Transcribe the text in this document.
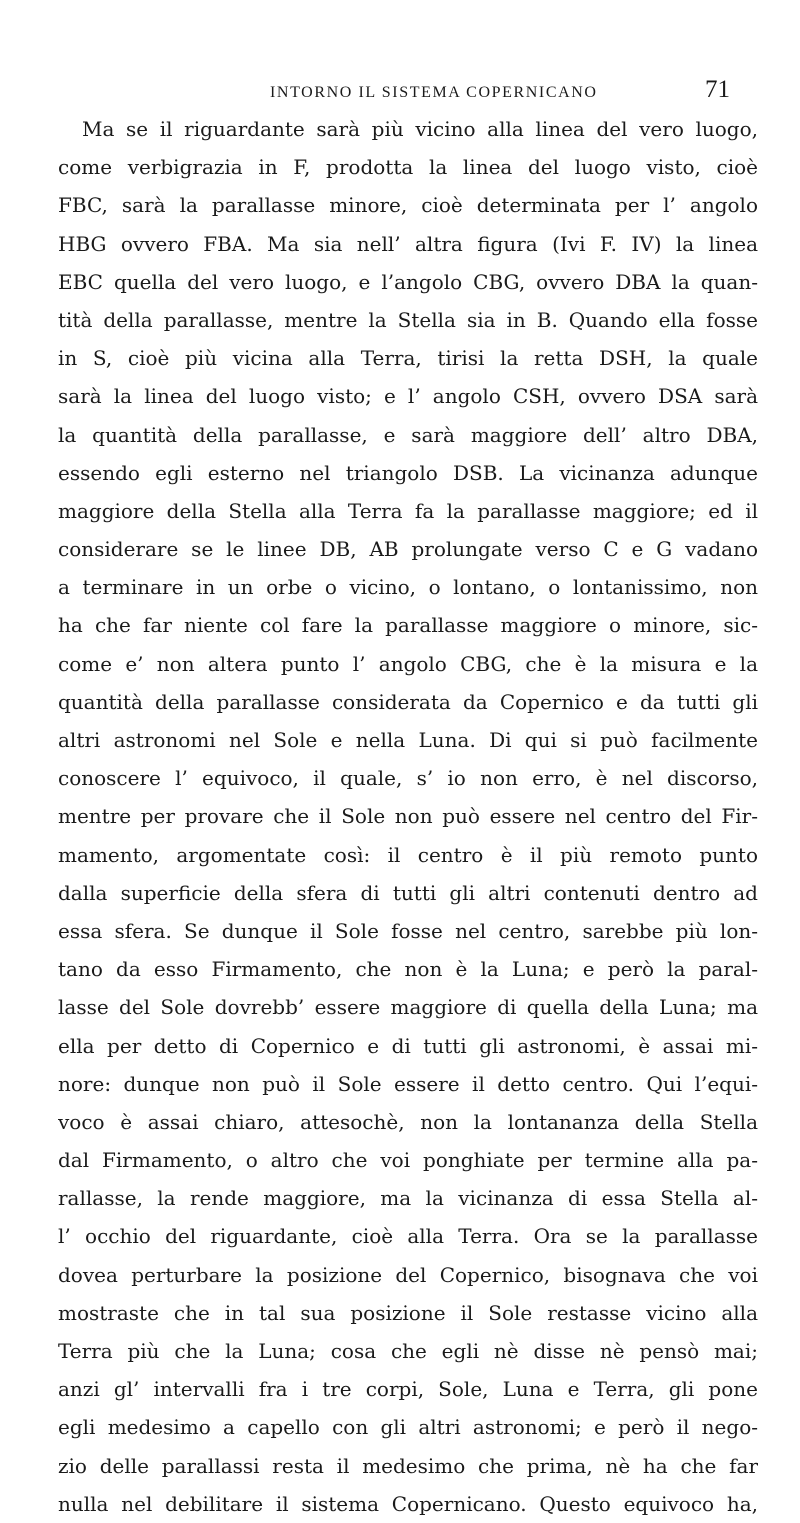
INTORNO IL SISTEMA COPERNICANO	71
Ma se il riguardante sarà più vicino alla linea del vero luogo,
come verbigrazia in F, prodotta la linea del luogo visto, cioè
FBC, sarà la parallasse minore, cioè determinata per l’ angolo
HBG ovvero FBA. Ma sia nell’ altra figura (Ivi F. IV) la linea
EBC quella del vero luogo, e l’angolo CBG, ovvero DBA la quan-
tità della parallasse, mentre la Stella sia in B. Quando ella fosse
in S, cioè più vicina alla Terra, tirisi la retta DSH, la quale
sarà la linea del luogo visto; e l’ angolo CSH, ovvero DSA sarà
la quantità della parallasse, e sarà maggiore dell’ altro DBA,
essendo egli esterno nel triangolo DSB. La vicinanza adunque
maggiore della Stella alla Terra fa la parallasse maggiore; ed il
considerare se le linee DB, AB prolungate verso C e G vadano
a terminare in un orbe o vicino, o lontano, o lontanissimo, non
ha che far niente col fare la parallasse maggiore o minore, sic-
come e’ non altera punto l’ angolo CBG, che è la misura e la
quantità della parallasse considerata da Copernico e da tutti gli
altri astronomi nel Sole e nella Luna. Di qui si può facilmente
conoscere l’ equivoco, il quale, s’ io non erro, è nel discorso,
mentre per provare che il Sole non può essere nel centro del Fir-
mamento, argomentate così: il centro è il più remoto punto
dalla superficie della sfera di tutti gli altri contenuti dentro ad
essa sfera. Se dunque il Sole fosse nel centro, sarebbe più lon-
tano da esso Firmamento, che non è la Luna; e però la paral-
lasse del Sole dovrebb’ essere maggiore di quella della Luna; ma
ella per detto di Copernico e di tutti gli astronomi, è assai mi-
nore: dunque non può il Sole essere il detto centro. Qui l’equi-
voco è assai chiaro, attesochè, non la lontananza della Stella
dal Firmamento, o altro che voi ponghiate per termine alla pa-
rallasse, la rende maggiore, ma la vicinanza di essa Stella al-
l’ occhio del riguardante, cioè alla Terra. Ora se la parallasse
dovea perturbare la posizione del Copernico, bisognava che voi
mostraste che in tal sua posizione il Sole restasse vicino alla
Terra più che la Luna; cosa che egli nè disse nè pensò mai;
anzi gl’ intervalli fra i tre corpi, Sole, Luna e Terra, gli pone
egli medesimo a capello con gli altri astronomi; e però il nego-
zio delle parallassi resta il medesimo che prima, nè ha che far
nulla nel debilitare il sistema Copernicano. Questo equivoco ha,
